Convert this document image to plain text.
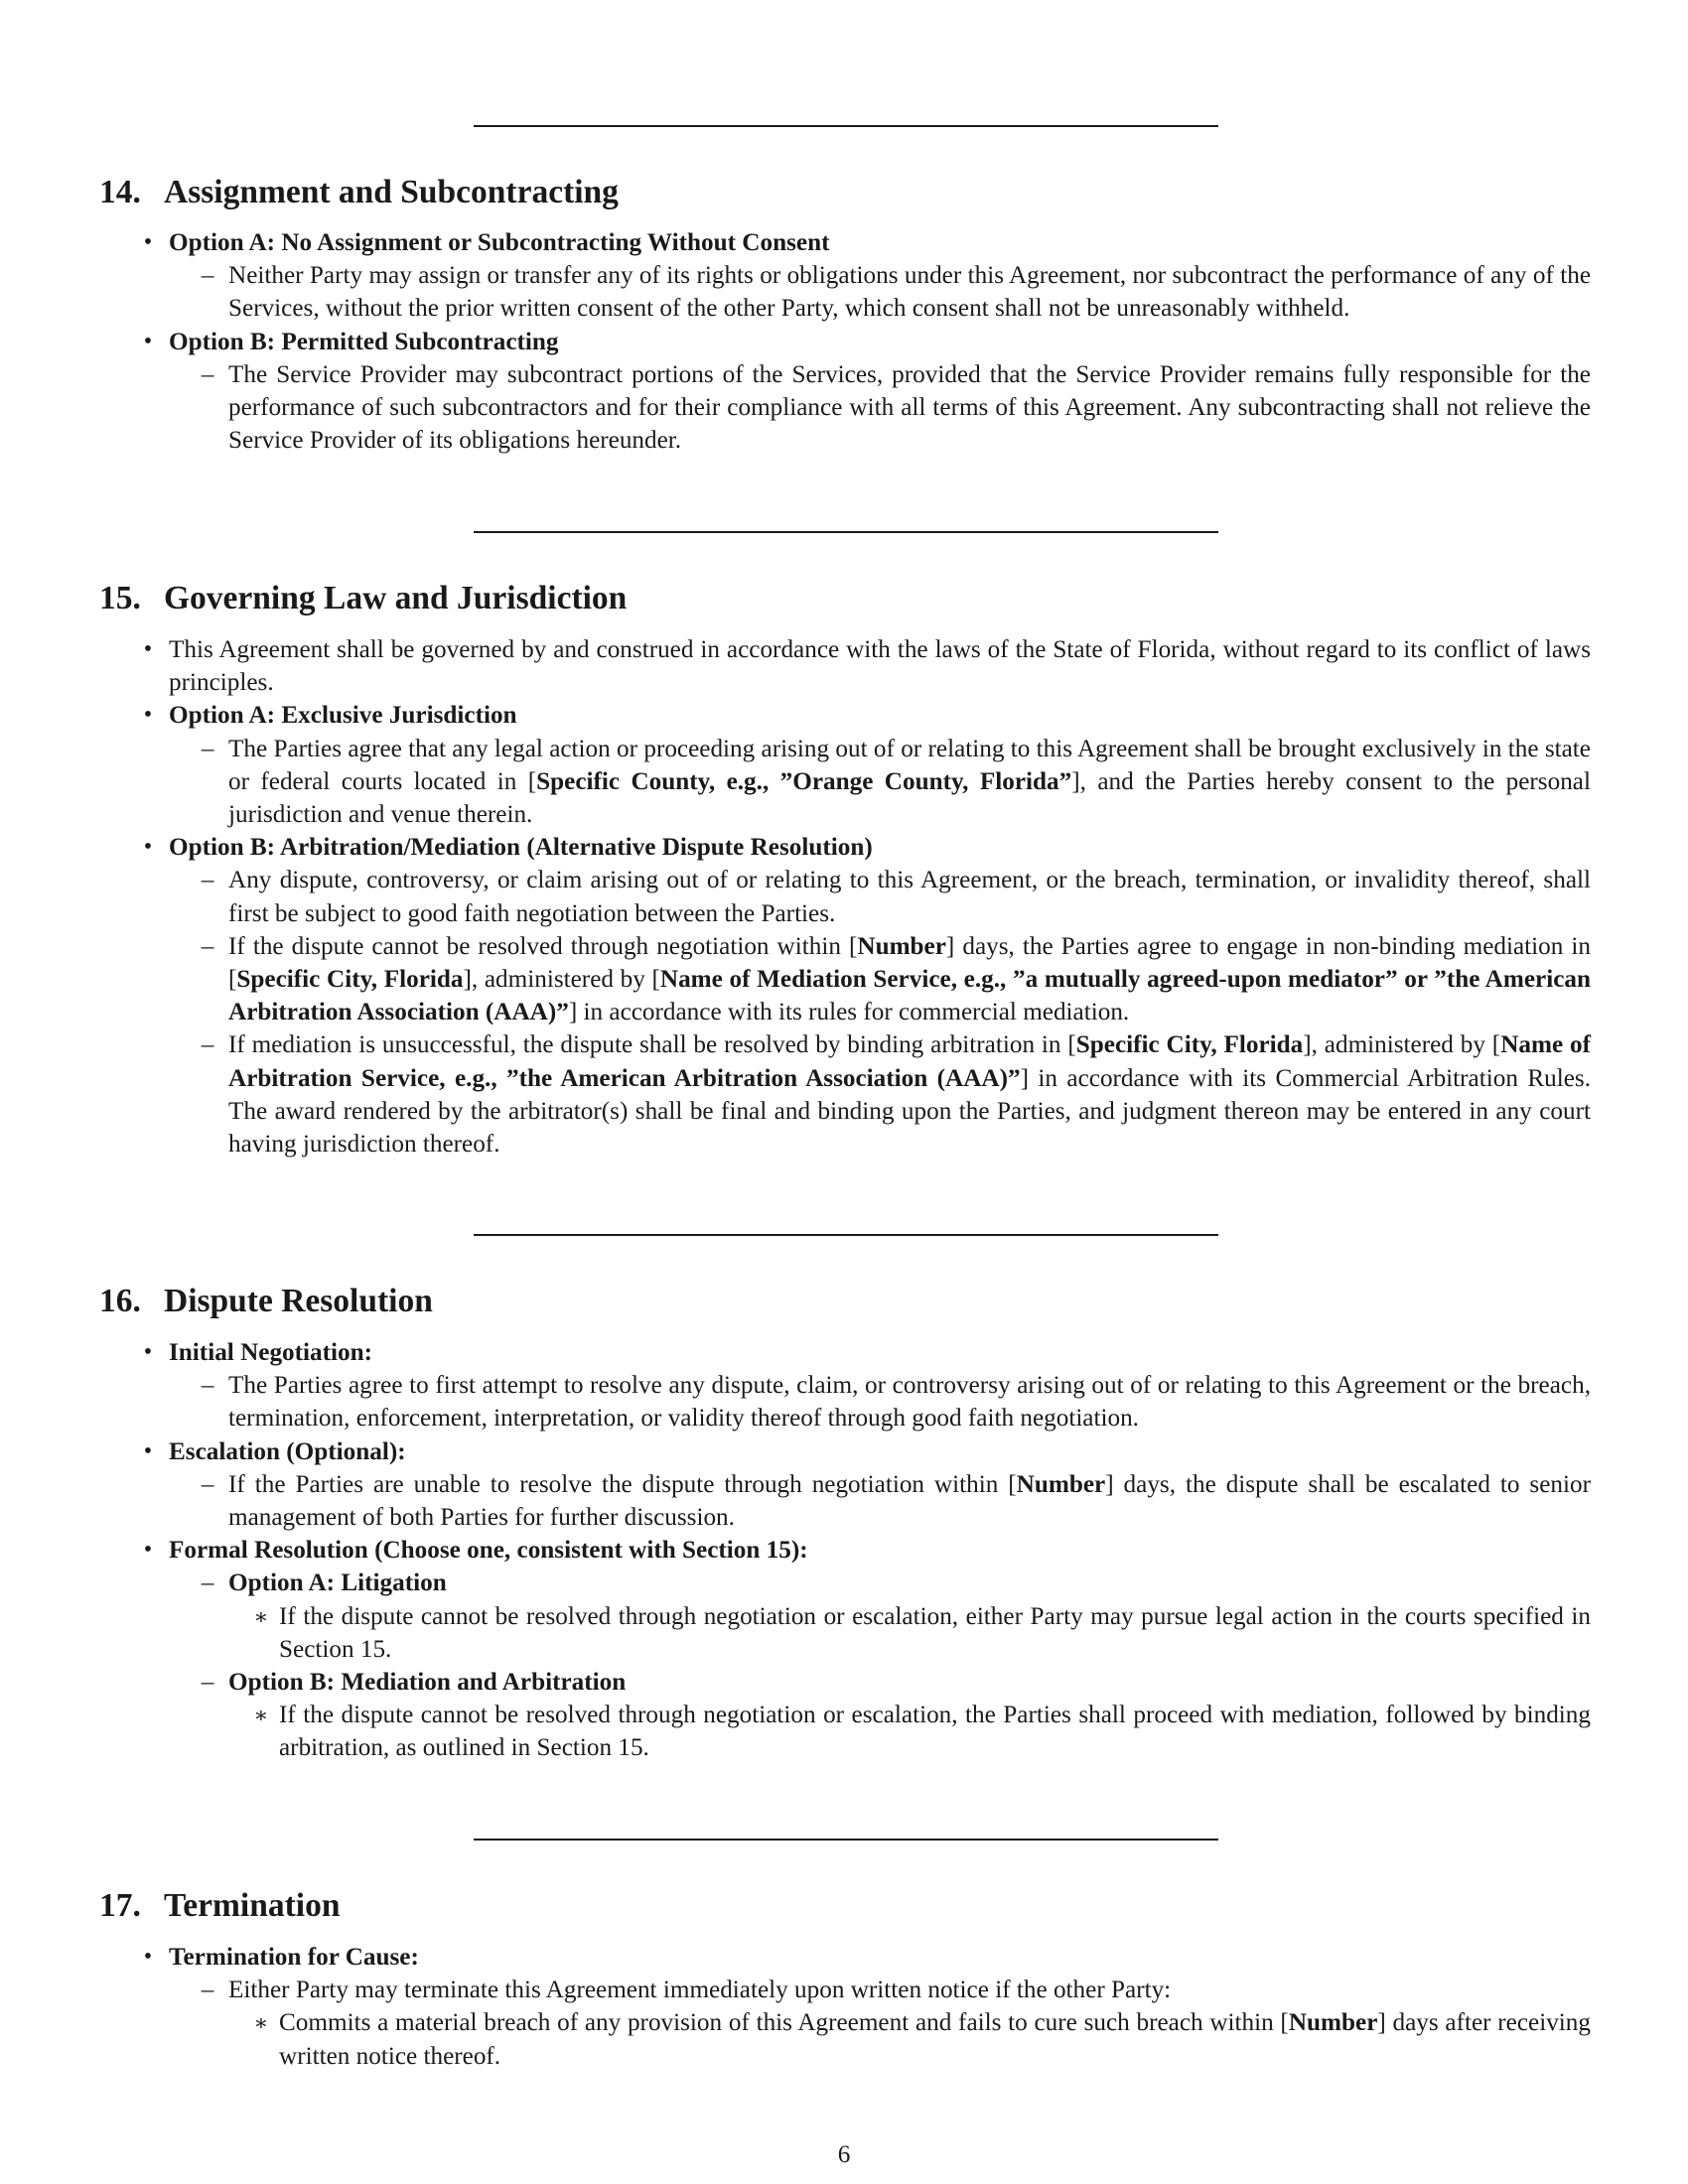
14. Assignment and Subcontracting
• Option A: No Assignment or Subcontracting Without Consent
– Neither Party may assign or transfer any of its rights or obligations under this Agreement, nor subcontract the performance of any of the Services, without the prior written consent of the other Party, which consent shall not be unreasonably withheld.
• Option B: Permitted Subcontracting
– The Service Provider may subcontract portions of the Services, provided that the Service Provider remains fully responsible for the performance of such subcontractors and for their compliance with all terms of this Agreement. Any subcontracting shall not relieve the Service Provider of its obligations hereunder.
15. Governing Law and Jurisdiction
• This Agreement shall be governed by and construed in accordance with the laws of the State of Florida, without regard to its conflict of laws principles.
• Option A: Exclusive Jurisdiction
– The Parties agree that any legal action or proceeding arising out of or relating to this Agreement shall be brought exclusively in the state or federal courts located in [Specific County, e.g., ”Orange County, Florida”], and the Parties hereby consent to the personal jurisdiction and venue therein.
• Option B: Arbitration/Mediation (Alternative Dispute Resolution)
– Any dispute, controversy, or claim arising out of or relating to this Agreement, or the breach, termination, or invalidity thereof, shall first be subject to good faith negotiation between the Parties.
– If the dispute cannot be resolved through negotiation within [Number] days, the Parties agree to engage in non-binding mediation in [Specific City, Florida], administered by [Name of Mediation Service, e.g., ”a mutually agreed-upon mediator” or ”the American Arbitration Association (AAA)”] in accordance with its rules for commercial mediation.
– If mediation is unsuccessful, the dispute shall be resolved by binding arbitration in [Specific City, Florida], administered by [Name of Arbitration Service, e.g., ”the American Arbitration Association (AAA)”] in accordance with its Commercial Arbitration Rules. The award rendered by the arbitrator(s) shall be final and binding upon the Parties, and judgment thereon may be entered in any court having jurisdiction thereof.
16. Dispute Resolution
• Initial Negotiation:
– The Parties agree to first attempt to resolve any dispute, claim, or controversy arising out of or relating to this Agreement or the breach, termination, enforcement, interpretation, or validity thereof through good faith negotiation.
• Escalation (Optional):
– If the Parties are unable to resolve the dispute through negotiation within [Number] days, the dispute shall be escalated to senior management of both Parties for further discussion.
• Formal Resolution (Choose one, consistent with Section 15):
– Option A: Litigation
∗ If the dispute cannot be resolved through negotiation or escalation, either Party may pursue legal action in the courts specified in Section 15.
– Option B: Mediation and Arbitration
∗ If the dispute cannot be resolved through negotiation or escalation, the Parties shall proceed with mediation, followed by binding arbitration, as outlined in Section 15.
17. Termination
• Termination for Cause:
– Either Party may terminate this Agreement immediately upon written notice if the other Party:
∗ Commits a material breach of any provision of this Agreement and fails to cure such breach within [Number] days after receiving written notice thereof.
6
